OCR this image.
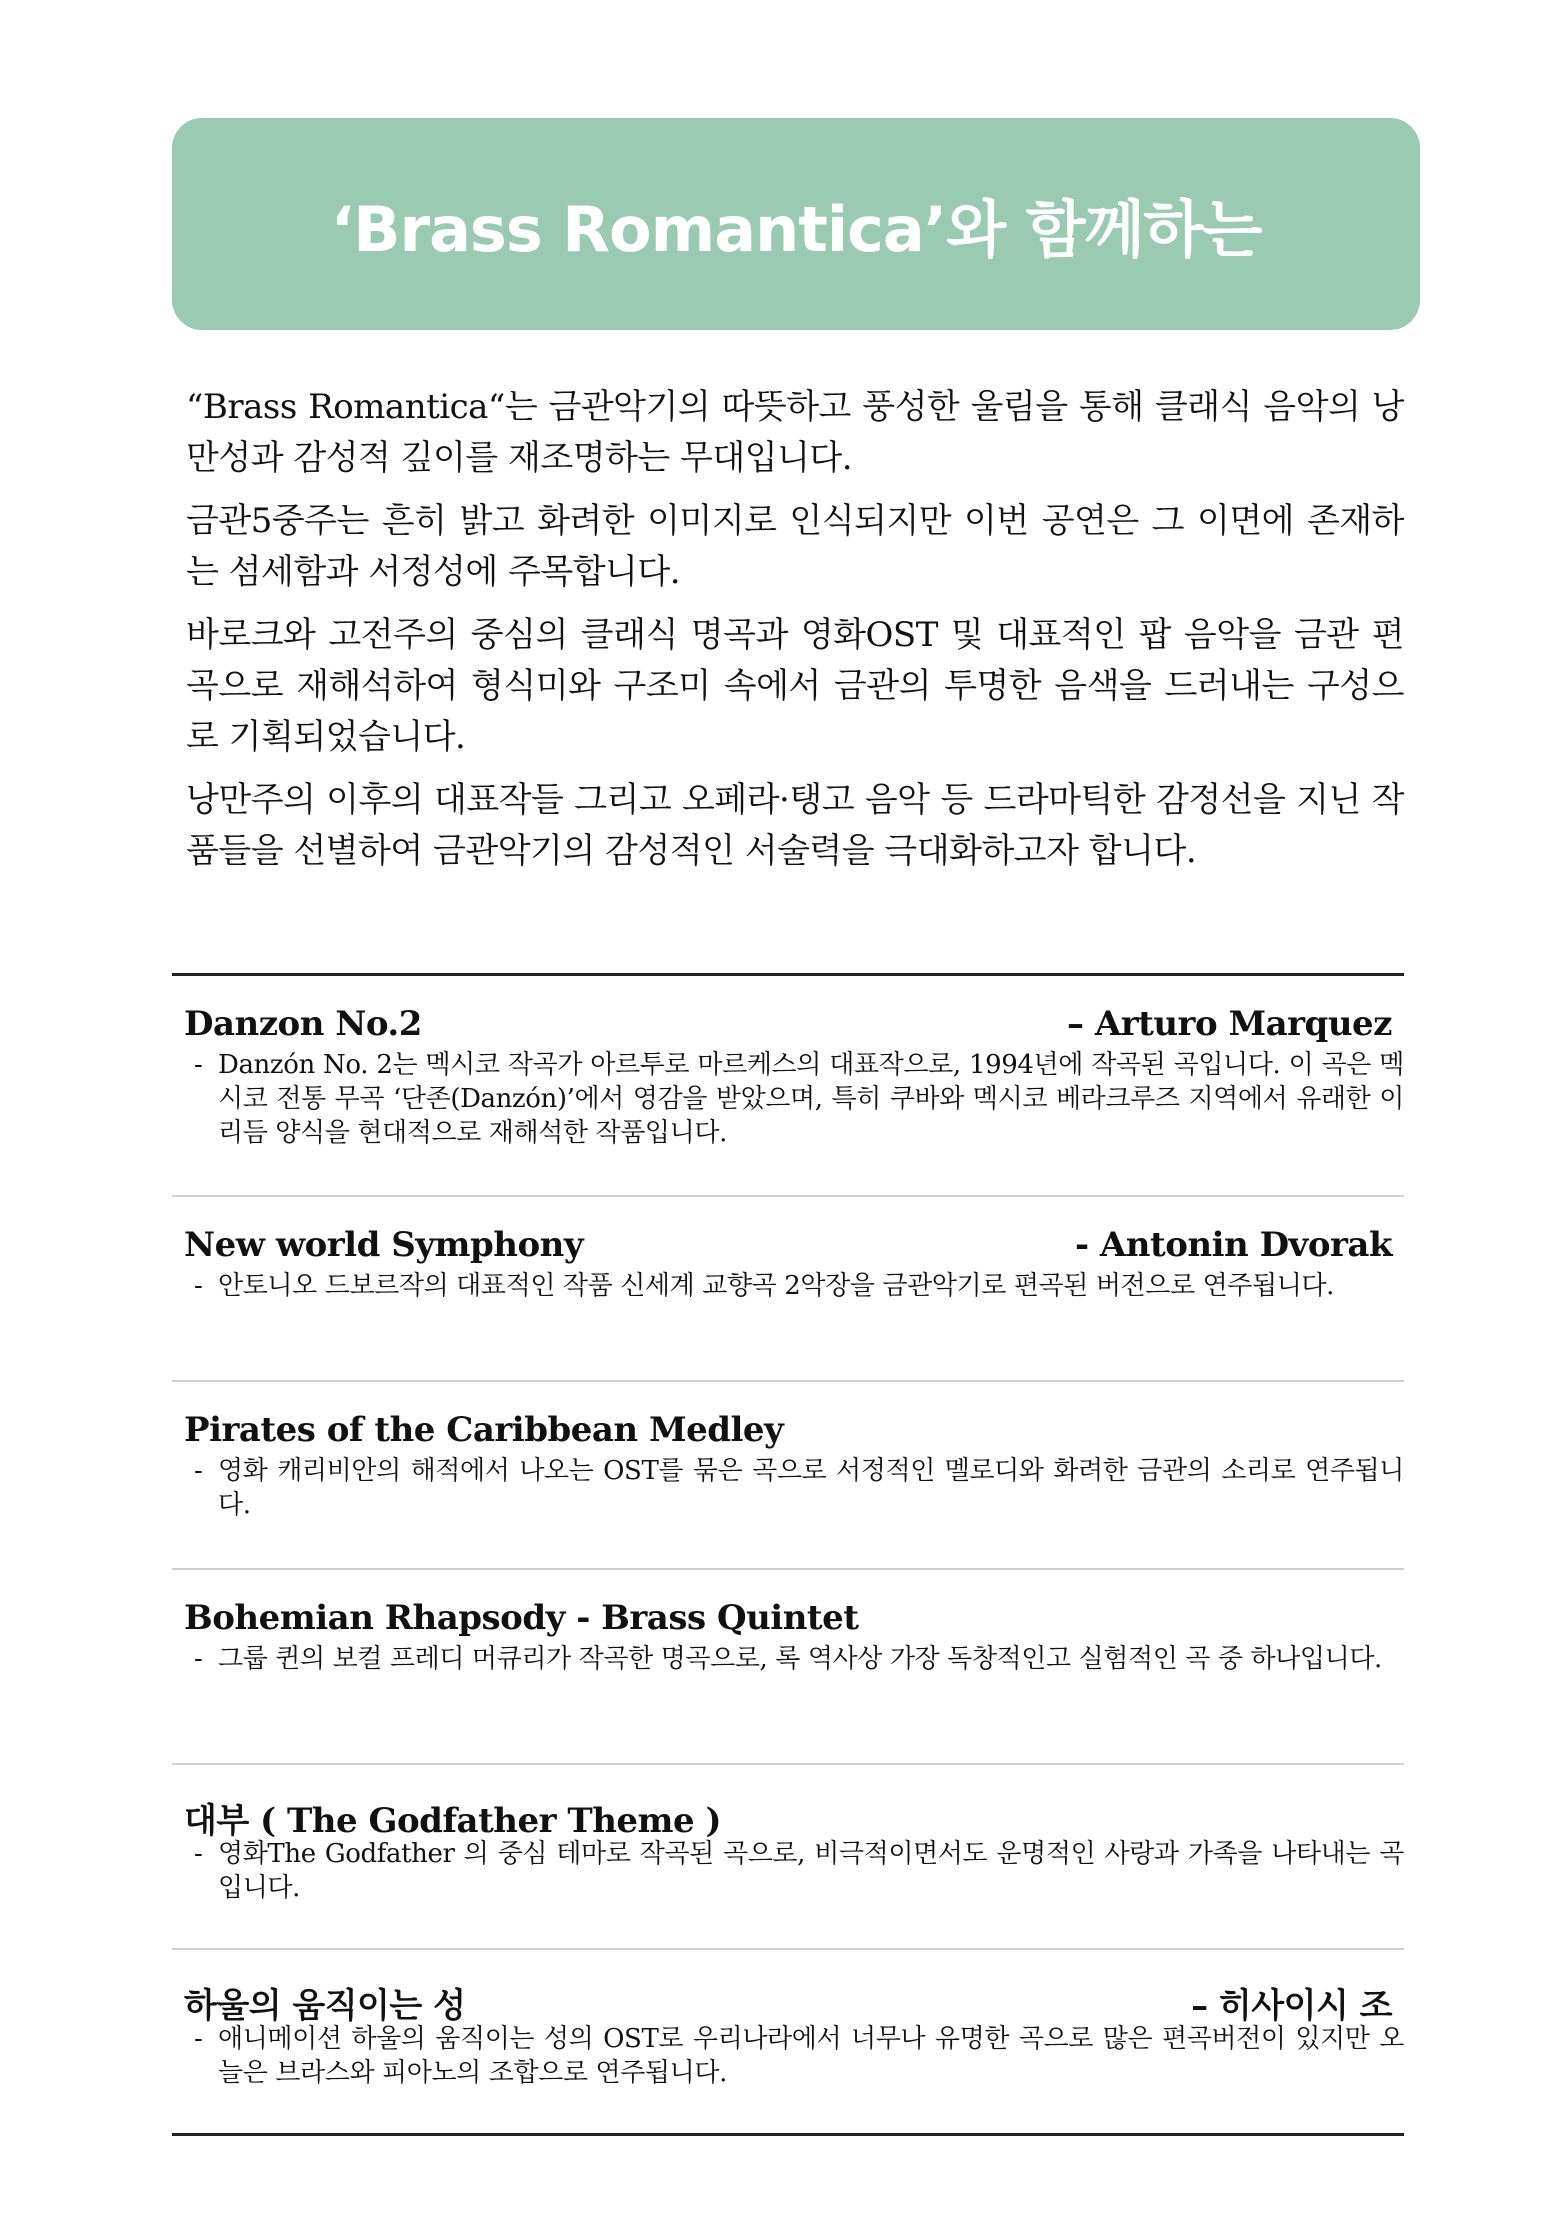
‘Brass Romantica’와 함께하는

“Brass Romantica“는 금관악기의 따뜻하고 풍성한 울림을 통해 클래식 음악의 낭만성과 감성적 깊이를 재조명하는 무대입니다.

금관5중주는 흔히 밝고 화려한 이미지로 인식되지만 이번 공연은 그 이면에 존재하는 섬세함과 서정성에 주목합니다.

바로크와 고전주의 중심의 클래식 명곡과 영화OST 및 대표적인 팝 음악을 금관 편곡으로 재해석하여 형식미와 구조미 속에서 금관의 투명한 음색을 드러내는 구성으로 기획되었습니다.

낭만주의 이후의 대표작들 그리고 오페라·탱고 음악 등 드라마틱한 감정선을 지닌 작품들을 선별하여 금관악기의 감성적인 서술력을 극대화하고자 합니다.

Danzon No.2	– Arturo Marquez
- Danzón No. 2는 멕시코 작곡가 아르투로 마르케스의 대표작으로, 1994년에 작곡된 곡입니다. 이 곡은 멕시코 전통 무곡 ‘단존(Danzón)’에서 영감을 받았으며, 특히 쿠바와 멕시코 베라크루즈 지역에서 유래한 이 리듬 양식을 현대적으로 재해석한 작품입니다.
New world Symphony	- Antonin Dvorak
- 안토니오 드보르작의 대표적인 작품 신세계 교향곡 2악장을 금관악기로 편곡된 버전으로 연주됩니다.
Pirates of the Caribbean Medley
- 영화 캐리비안의 해적에서 나오는 OST를 묶은 곡으로 서정적인 멜로디와 화려한 금관의 소리로 연주됩니다.
Bohemian Rhapsody - Brass Quintet
- 그룹 퀸의 보컬 프레디 머큐리가 작곡한 명곡으로, 록 역사상 가장 독창적인고 실험적인 곡 중 하나입니다.
대부 ( The Godfather Theme )
- 영화The Godfather 의 중심 테마로 작곡된 곡으로, 비극적이면서도 운명적인 사랑과 가족을 나타내는 곡입니다.
하울의 움직이는 성	– 히사이시 조
- 애니메이션 하울의 움직이는 성의 OST로 우리나라에서 너무나 유명한 곡으로 많은 편곡버전이 있지만 오늘은 브라스와 피아노의 조합으로 연주됩니다.
